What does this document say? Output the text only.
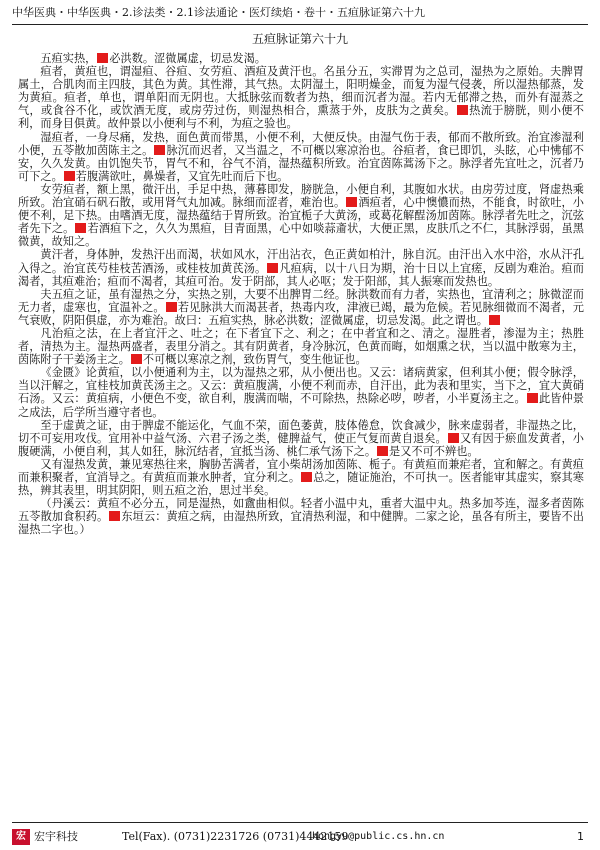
中华医典・中华医典・2.诊法类・2.1诊法通论・医灯续焰・卷十・五疸脉证第六十九
五疸脉证第六十九

五疸实热， 必洪数。涩微属虚，切忌发渴。

疸者，黄疸也，谓湿疸、谷疸、女劳疸、酒疸及黄汗也。名虽分五，实滞胃为之总司，湿热为之原始。夫脾胃属土，合肌肉而主四肢，其色为黄。其性滞，其气热。太阴湿土，阳明燥金，而复为湿气侵袭，所以湿热郁蒸，发为黄疸。疸者，单也，谓单阳而无阴也。大抵脉弦而数者为热，细而沉者为湿。若内无郁滞之热，而外有湿蒸之气，或食谷不化，或饮酒无度，或房劳过伤，则湿热相合，熏蒸于外，皮肤为之黄矣。 热流于膀胱，则小便不利，而身目俱黄。故仲景以小便利与不利，为疸之验也。

湿疸者，一身尽痛，发热，面色黄而带黑，小便不利，大便反快。由湿气伤于表，郁而不散所致。治宜渗湿利小便，五苓散加茵陈主之。 脉沉而迟者，又当温之，不可概以寒凉治也。谷疸者，食已即饥，头眩，心中怫郁不安，久久发黄。由饥饱失节，胃气不和，谷气不消，湿热蕴积所致。治宜茵陈蒿汤下之。脉浮者先宜吐之，沉者乃可下之。 若腹满欲吐，鼻燥者，又宜先吐而后下也。

女劳疸者，额上黑，微汗出，手足中热，薄暮即发，膀胱急，小便自利，其腹如水状。由房劳过度，肾虚热乘所致。治宜硝石矾石散，或用肾气丸加减。脉细而涩者，难治也。 酒疸者，心中懊憹而热，不能食，时欲吐，小便不利，足下热。由嗜酒无度，湿热蕴结于胃所致。治宜栀子大黄汤，或葛花解酲汤加茵陈。脉浮者先吐之，沉弦者先下之。 若酒疸下之，久久为黑疸，目青面黑，心中如啖蒜齑状，大便正黑，皮肤爪之不仁，其脉浮弱，虽黑微黄，故知之。

黄汗者，身体肿，发热汗出而渴，状如风水，汗出沾衣，色正黄如柏汁，脉自沉。由汗出入水中浴，水从汗孔入得之。治宜芪芍桂枝苦酒汤，或桂枝加黄芪汤。 凡疸病，以十八日为期，治十日以上宜瘥，反剧为难治。疸而渴者，其疸难治；疸而不渴者，其疸可治。发于阴部，其人必呕；发于阳部，其人振寒而发热也。

夫五疸之证，虽有湿热之分，实热之别，大要不出脾胃二经。脉洪数而有力者，实热也，宜清利之；脉微涩而无力者，虚寒也，宜温补之。 若见脉洪大而渴甚者，热毒内攻，津液已竭，最为危候。若见脉细微而不渴者，元气衰败，阴阳俱虚，亦为难治。故曰：五疸实热，脉必洪数；涩微属虚，切忌发渴。此之谓也。

凡治疸之法，在上者宜汗之、吐之；在下者宜下之、利之；在中者宜和之、清之。湿胜者，渗湿为主；热胜者，清热为主。湿热两盛者，表里分消之。其有阴黄者，身冷脉沉，色黄而晦，如烟熏之状，当以温中散寒为主，茵陈附子干姜汤主之。 不可概以寒凉之剂，致伤胃气，变生他证也。

《金匮》论黄疸，以小便通利为主，以为湿热之邪，从小便出也。又云：诸病黄家，但利其小便；假令脉浮，当以汗解之，宜桂枝加黄芪汤主之。又云：黄疸腹满，小便不利而赤，自汗出，此为表和里实，当下之，宜大黄硝石汤。又云：黄疸病，小便色不变，欲自利，腹满而喘，不可除热，热除必哕，哕者，小半夏汤主之。 此皆仲景之成法，后学所当遵守者也。

至于虚黄之证，由于脾虚不能运化，气血不荣，面色萎黄，肢体倦怠，饮食减少，脉来虚弱者，非湿热之比，切不可妄用攻伐。宜用补中益气汤、六君子汤之类，健脾益气，使正气复而黄自退矣。 又有因于瘀血发黄者，小腹硬满，小便自利，其人如狂，脉沉结者，宜抵当汤、桃仁承气汤下之。 是又不可不辨也。

又有湿热发黄，兼见寒热往来，胸胁苦满者，宜小柴胡汤加茵陈、栀子。有黄疸而兼疟者，宜和解之。有黄疸而兼积聚者，宜消导之。有黄疸而兼水肿者，宜分利之。 总之，随证施治，不可执一。医者能审其虚实，察其寒热，辨其表里，明其阴阳，则五疸之治，思过半矣。

（丹溪云：黄疸不必分五，同是湿热，如盦曲相似。轻者小温中丸，重者大温中丸。热多加芩连，湿多者茵陈五苓散加食积药。 东垣云：黄疸之病，由湿热所致，宜清热利湿，和中健脾。二家之论，虽各有所主，要皆不出湿热二字也。）

宏 宏宇科技	Tel(Fax). (0731)2231726 (0731)4442159
hongyu@public.cs.hn.cn	1
